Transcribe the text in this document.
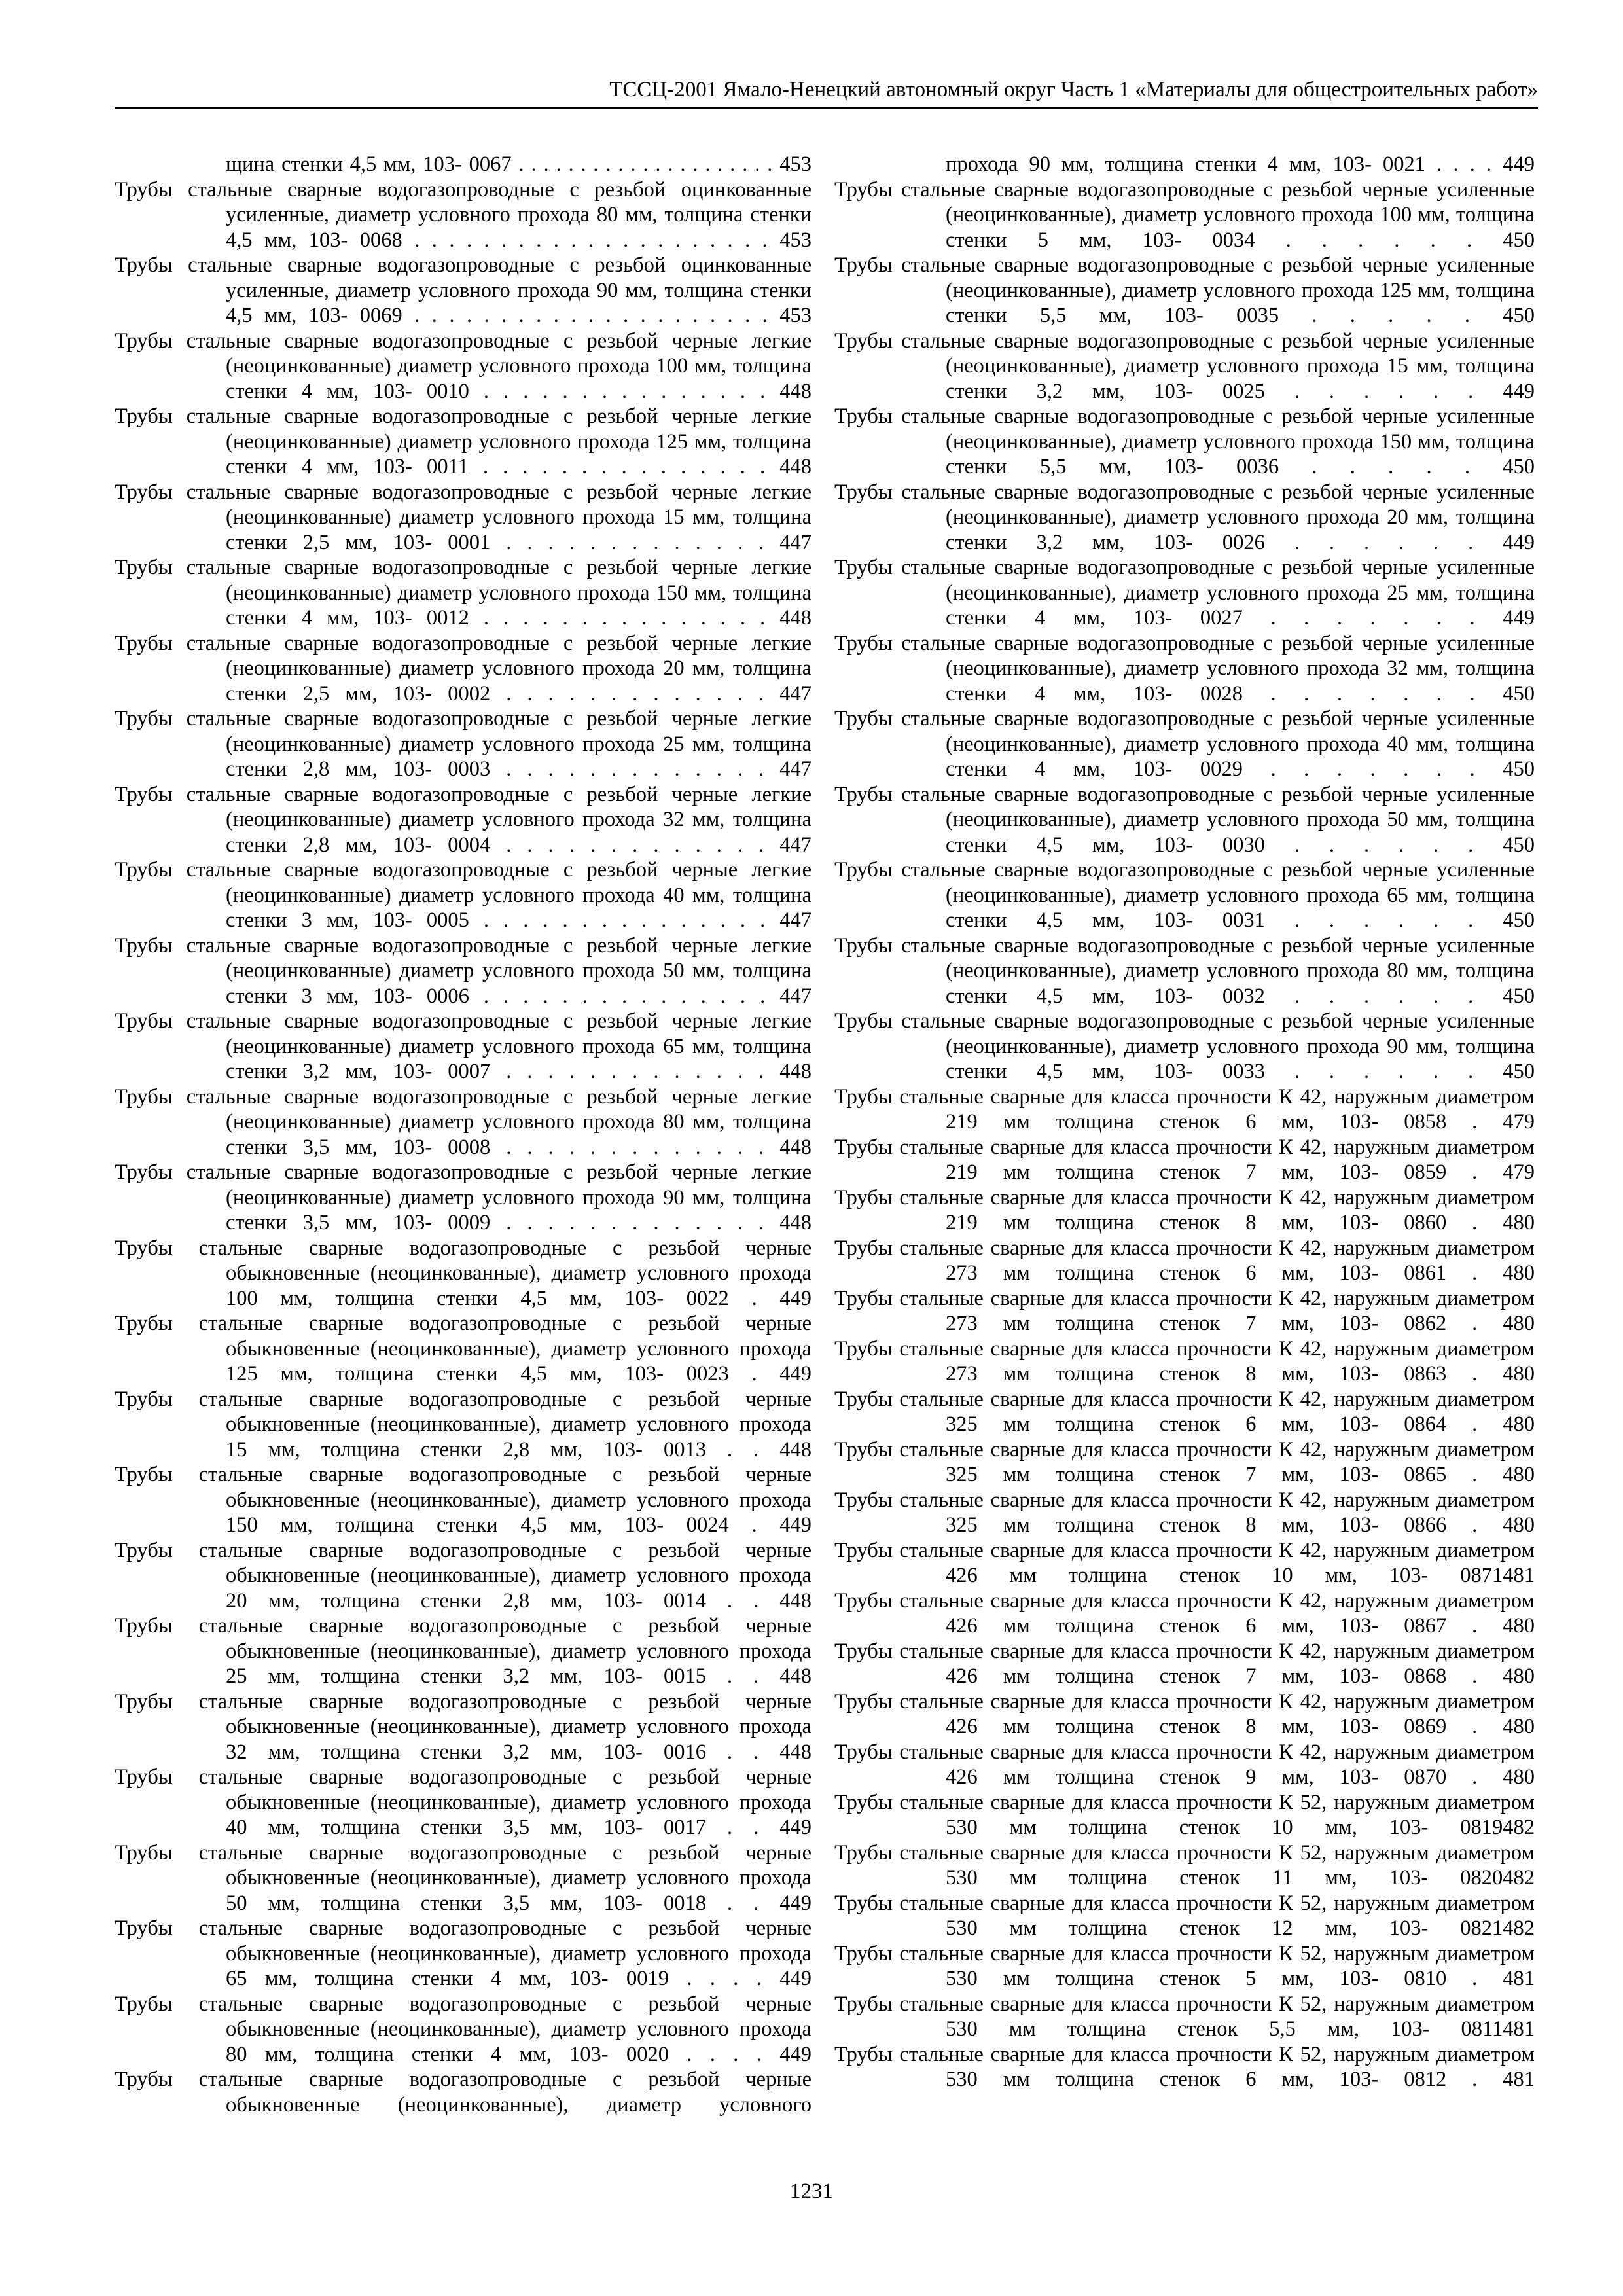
ТССЦ-2001 Ямало-Ненецкий автономный округ Часть 1 «Материалы для общестроительных работ»
щина стенки 4,5 мм, 103- 0067 . . . . . . . . . . . . . . . . . . . . . 453
Трубы стальные сварные водогазопроводные с резьбой оцинкованные усиленные, диаметр условного прохода 80 мм, толщина стенки 4,5 мм, 103- 0068 . . . . . . . . . . . . . . . . . . . . . 453
Трубы стальные сварные водогазопроводные с резьбой оцинкованные усиленные, диаметр условного прохода 90 мм, толщина стенки 4,5 мм, 103- 0069 . . . . . . . . . . . . . . . . . . . . . 453
Трубы стальные сварные водогазопроводные с резьбой черные легкие (неоцинкованные) диаметр условного прохода 100 мм, толщина стенки 4 мм, 103- 0010 . . . . . . . . . . . . . . . 448
Трубы стальные сварные водогазопроводные с резьбой черные легкие (неоцинкованные) диаметр условного прохода 125 мм, толщина стенки 4 мм, 103- 0011 . . . . . . . . . . . . . . . 448
Трубы стальные сварные водогазопроводные с резьбой черные легкие (неоцинкованные) диаметр условного прохода 15 мм, толщина стенки 2,5 мм, 103- 0001 . . . . . . . . . . . . . 447
Трубы стальные сварные водогазопроводные с резьбой черные легкие (неоцинкованные) диаметр условного прохода 150 мм, толщина стенки 4 мм, 103- 0012 . . . . . . . . . . . . . . . 448
Трубы стальные сварные водогазопроводные с резьбой черные легкие (неоцинкованные) диаметр условного прохода 20 мм, толщина стенки 2,5 мм, 103- 0002 . . . . . . . . . . . . . 447
Трубы стальные сварные водогазопроводные с резьбой черные легкие (неоцинкованные) диаметр условного прохода 25 мм, толщина стенки 2,8 мм, 103- 0003 . . . . . . . . . . . . . 447
Трубы стальные сварные водогазопроводные с резьбой черные легкие (неоцинкованные) диаметр условного прохода 32 мм, толщина стенки 2,8 мм, 103- 0004 . . . . . . . . . . . . . 447
Трубы стальные сварные водогазопроводные с резьбой черные легкие (неоцинкованные) диаметр условного прохода 40 мм, толщина стенки 3 мм, 103- 0005 . . . . . . . . . . . . . . . 447
Трубы стальные сварные водогазопроводные с резьбой черные легкие (неоцинкованные) диаметр условного прохода 50 мм, толщина стенки 3 мм, 103- 0006 . . . . . . . . . . . . . . . 447
Трубы стальные сварные водогазопроводные с резьбой черные легкие (неоцинкованные) диаметр условного прохода 65 мм, толщина стенки 3,2 мм, 103- 0007 . . . . . . . . . . . . . 448
Трубы стальные сварные водогазопроводные с резьбой черные легкие (неоцинкованные) диаметр условного прохода 80 мм, толщина стенки 3,5 мм, 103- 0008 . . . . . . . . . . . . . 448
Трубы стальные сварные водогазопроводные с резьбой черные легкие (неоцинкованные) диаметр условного прохода 90 мм, толщина стенки 3,5 мм, 103- 0009 . . . . . . . . . . . . . 448
Трубы стальные сварные водогазопроводные с резьбой черные обыкновенные (неоцинкованные), диаметр условного прохода 100 мм, толщина стенки 4,5 мм, 103- 0022 . 449
Трубы стальные сварные водогазопроводные с резьбой черные обыкновенные (неоцинкованные), диаметр условного прохода 125 мм, толщина стенки 4,5 мм, 103- 0023 . 449
Трубы стальные сварные водогазопроводные с резьбой черные обыкновенные (неоцинкованные), диаметр условного прохода 15 мм, толщина стенки 2,8 мм, 103- 0013 . . 448
Трубы стальные сварные водогазопроводные с резьбой черные обыкновенные (неоцинкованные), диаметр условного прохода 150 мм, толщина стенки 4,5 мм, 103- 0024 . 449
Трубы стальные сварные водогазопроводные с резьбой черные обыкновенные (неоцинкованные), диаметр условного прохода 20 мм, толщина стенки 2,8 мм, 103- 0014 . . 448
Трубы стальные сварные водогазопроводные с резьбой черные обыкновенные (неоцинкованные), диаметр условного прохода 25 мм, толщина стенки 3,2 мм, 103- 0015 . . 448
Трубы стальные сварные водогазопроводные с резьбой черные обыкновенные (неоцинкованные), диаметр условного прохода 32 мм, толщина стенки 3,2 мм, 103- 0016 . . 448
Трубы стальные сварные водогазопроводные с резьбой черные обыкновенные (неоцинкованные), диаметр условного прохода 40 мм, толщина стенки 3,5 мм, 103- 0017 . . 449
Трубы стальные сварные водогазопроводные с резьбой черные обыкновенные (неоцинкованные), диаметр условного прохода 50 мм, толщина стенки 3,5 мм, 103- 0018 . . 449
Трубы стальные сварные водогазопроводные с резьбой черные обыкновенные (неоцинкованные), диаметр условного прохода 65 мм, толщина стенки 4 мм, 103- 0019 . . . . 449
Трубы стальные сварные водогазопроводные с резьбой черные обыкновенные (неоцинкованные), диаметр условного прохода 80 мм, толщина стенки 4 мм, 103- 0020 . . . . 449
Трубы стальные сварные водогазопроводные с резьбой черные обыкновенные (неоцинкованные), диаметр условного
прохода 90 мм, толщина стенки 4 мм, 103- 0021 . . . . 449
Трубы стальные сварные водогазопроводные с резьбой черные усиленные (неоцинкованные), диаметр условного прохода 100 мм, толщина стенки 5 мм, 103- 0034 . . . . . . 450
Трубы стальные сварные водогазопроводные с резьбой черные усиленные (неоцинкованные), диаметр условного прохода 125 мм, толщина стенки 5,5 мм, 103- 0035 . . . . . 450
Трубы стальные сварные водогазопроводные с резьбой черные усиленные (неоцинкованные), диаметр условного прохода 15 мм, толщина стенки 3,2 мм, 103- 0025 . . . . . . 449
Трубы стальные сварные водогазопроводные с резьбой черные усиленные (неоцинкованные), диаметр условного прохода 150 мм, толщина стенки 5,5 мм, 103- 0036 . . . . . 450
Трубы стальные сварные водогазопроводные с резьбой черные усиленные (неоцинкованные), диаметр условного прохода 20 мм, толщина стенки 3,2 мм, 103- 0026 . . . . . . 449
Трубы стальные сварные водогазопроводные с резьбой черные усиленные (неоцинкованные), диаметр условного прохода 25 мм, толщина стенки 4 мм, 103- 0027 . . . . . . . 449
Трубы стальные сварные водогазопроводные с резьбой черные усиленные (неоцинкованные), диаметр условного прохода 32 мм, толщина стенки 4 мм, 103- 0028 . . . . . . . 450
Трубы стальные сварные водогазопроводные с резьбой черные усиленные (неоцинкованные), диаметр условного прохода 40 мм, толщина стенки 4 мм, 103- 0029 . . . . . . . 450
Трубы стальные сварные водогазопроводные с резьбой черные усиленные (неоцинкованные), диаметр условного прохода 50 мм, толщина стенки 4,5 мм, 103- 0030 . . . . . . 450
Трубы стальные сварные водогазопроводные с резьбой черные усиленные (неоцинкованные), диаметр условного прохода 65 мм, толщина стенки 4,5 мм, 103- 0031 . . . . . . 450
Трубы стальные сварные водогазопроводные с резьбой черные усиленные (неоцинкованные), диаметр условного прохода 80 мм, толщина стенки 4,5 мм, 103- 0032 . . . . . . 450
Трубы стальные сварные водогазопроводные с резьбой черные усиленные (неоцинкованные), диаметр условного прохода 90 мм, толщина стенки 4,5 мм, 103- 0033 . . . . . . 450
Трубы стальные сварные для класса прочности К 42, наружным диаметром 219 мм толщина стенок 6 мм, 103- 0858 . 479
Трубы стальные сварные для класса прочности К 42, наружным диаметром 219 мм толщина стенок 7 мм, 103- 0859 . 479
Трубы стальные сварные для класса прочности К 42, наружным диаметром 219 мм толщина стенок 8 мм, 103- 0860 . 480
Трубы стальные сварные для класса прочности К 42, наружным диаметром 273 мм толщина стенок 6 мм, 103- 0861 . 480
Трубы стальные сварные для класса прочности К 42, наружным диаметром 273 мм толщина стенок 7 мм, 103- 0862 . 480
Трубы стальные сварные для класса прочности К 42, наружным диаметром 273 мм толщина стенок 8 мм, 103- 0863 . 480
Трубы стальные сварные для класса прочности К 42, наружным диаметром 325 мм толщина стенок 6 мм, 103- 0864 . 480
Трубы стальные сварные для класса прочности К 42, наружным диаметром 325 мм толщина стенок 7 мм, 103- 0865 . 480
Трубы стальные сварные для класса прочности К 42, наружным диаметром 325 мм толщина стенок 8 мм, 103- 0866 . 480
Трубы стальные сварные для класса прочности К 42, наружным диаметром 426 мм толщина стенок 10 мм, 103- 0871481
Трубы стальные сварные для класса прочности К 42, наружным диаметром 426 мм толщина стенок 6 мм, 103- 0867 . 480
Трубы стальные сварные для класса прочности К 42, наружным диаметром 426 мм толщина стенок 7 мм, 103- 0868 . 480
Трубы стальные сварные для класса прочности К 42, наружным диаметром 426 мм толщина стенок 8 мм, 103- 0869 . 480
Трубы стальные сварные для класса прочности К 42, наружным диаметром 426 мм толщина стенок 9 мм, 103- 0870 . 480
Трубы стальные сварные для класса прочности К 52, наружным диаметром 530 мм толщина стенок 10 мм, 103- 0819482
Трубы стальные сварные для класса прочности К 52, наружным диаметром 530 мм толщина стенок 11 мм, 103- 0820482
Трубы стальные сварные для класса прочности К 52, наружным диаметром 530 мм толщина стенок 12 мм, 103- 0821482
Трубы стальные сварные для класса прочности К 52, наружным диаметром 530 мм толщина стенок 5 мм, 103- 0810 . 481
Трубы стальные сварные для класса прочности К 52, наружным диаметром 530 мм толщина стенок 5,5 мм, 103- 0811481
Трубы стальные сварные для класса прочности К 52, наружным диаметром 530 мм толщина стенок 6 мм, 103- 0812 . 481
1231
